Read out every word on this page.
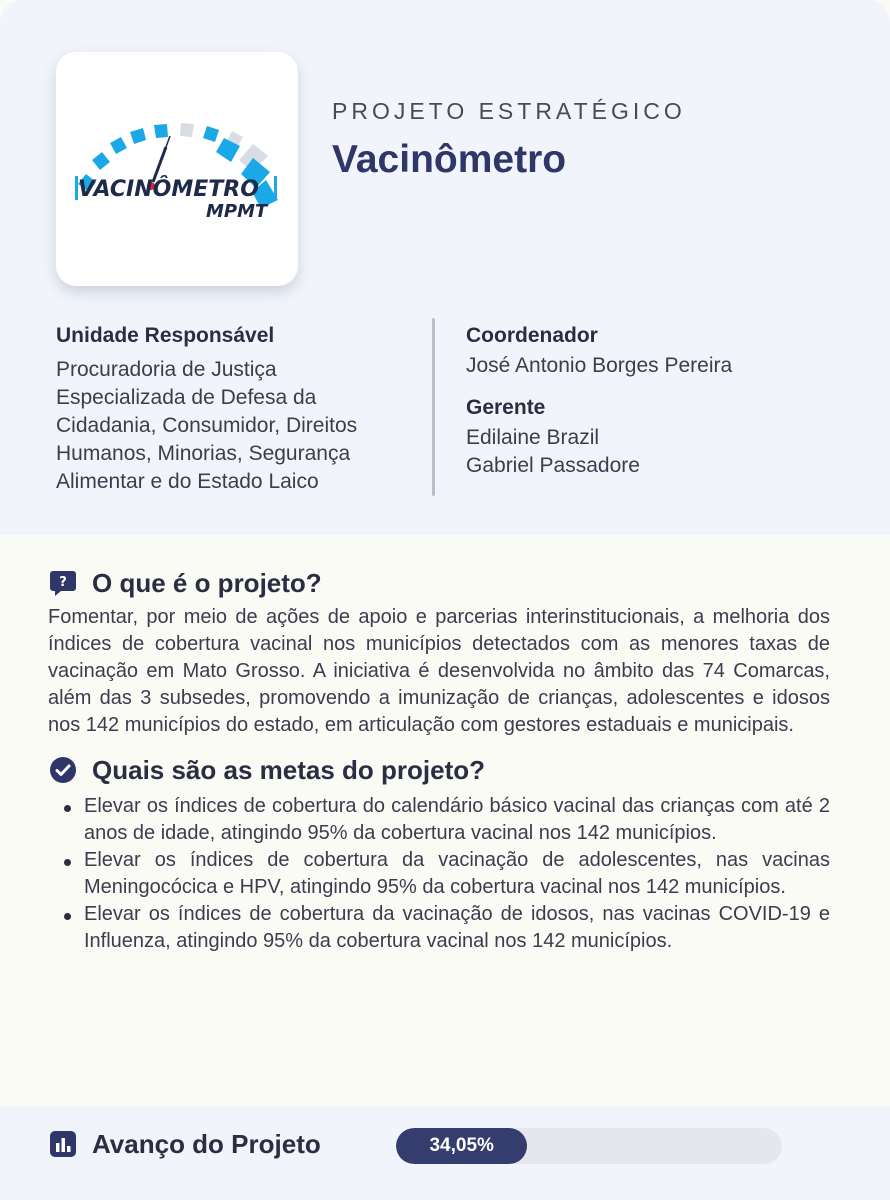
VACINÔMETRO
MPMT
PROJETO ESTRATÉGICO
Vacinômetro
Unidade Responsável
Procuradoria de Justiça
Especializada de Defesa da
Cidadania, Consumidor, Direitos
Humanos, Minorias, Segurança
Alimentar e do Estado Laico
Coordenador
José Antonio Borges Pereira
Gerente
Edilaine Brazil
Gabriel Passadore
? O que é o projeto?

Fomentar, por meio de ações de apoio e parcerias interinstitucionais, a melhoria dos índices de cobertura vacinal nos municípios detectados com as menores taxas de vacinação em Mato Grosso. A iniciativa é desenvolvida no âmbito das 74 Comarcas, além das 3 subsedes, promovendo a imunização de crianças, adolescentes e idosos nos 142 municípios do estado, em articulação com gestores estaduais e municipais.

Quais são as metas do projeto?
Elevar os índices de cobertura do calendário básico vacinal das crianças com até 2 anos de idade, atingindo 95% da cobertura vacinal nos 142 municípios.
Elevar os índices de cobertura da vacinação de adolescentes, nas vacinas Meningocócica e HPV, atingindo 95% da cobertura vacinal nos 142 municípios.
Elevar os índices de cobertura da vacinação de idosos, nas vacinas COVID-19 e Influenza, atingindo 95% da cobertura vacinal nos 142 municípios.
Avanço do Projeto	34,05%
